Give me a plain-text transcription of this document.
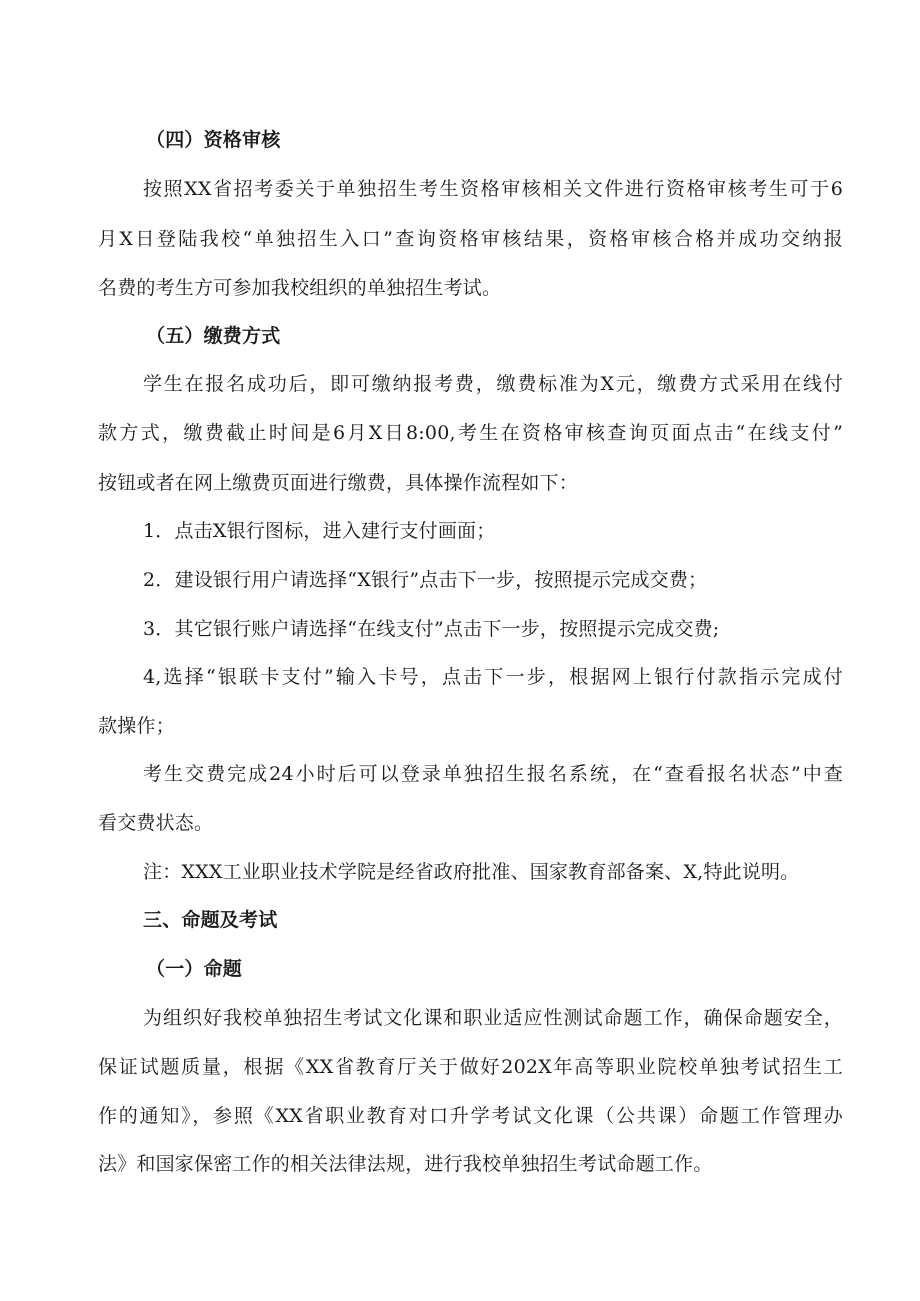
（四）资格审核
按照XX省招考委关于单独招生考生资格审核相关文件进行资格审核考生可于6
月X日登陆我校“单独招生入口”查询资格审核结果，资格审核合格并成功交纳报
名费的考生方可参加我校组织的单独招生考试。
（五）缴费方式
学生在报名成功后，即可缴纳报考费，缴费标准为X元，缴费方式采用在线付
款方式，缴费截止时间是6月X日8:00,考生在资格审核查询页面点击“在线支付”
按钮或者在网上缴费页面进行缴费，具体操作流程如下：
1．点击X银行图标，进入建行支付画面；
2．建设银行用户请选择“X银行”点击下一步，按照提示完成交费；
3．其它银行账户请选择“在线支付”点击下一步，按照提示完成交费;
4,选择“银联卡支付”输入卡号，点击下一步，根据网上银行付款指示完成付
款操作；
考生交费完成24小时后可以登录单独招生报名系统，在“查看报名状态”中查
看交费状态。
注：XXX工业职业技术学院是经省政府批准、国家教育部备案、X,特此说明。
三、命题及考试
（一）命题
为组织好我校单独招生考试文化课和职业适应性测试命题工作，确保命题安全，
保证试题质量，根据《XX省教育厅关于做好202X年高等职业院校单独考试招生工
作的通知》，参照《XX省职业教育对口升学考试文化课（公共课）命题工作管理办
法》和国家保密工作的相关法律法规，进行我校单独招生考试命题工作。
